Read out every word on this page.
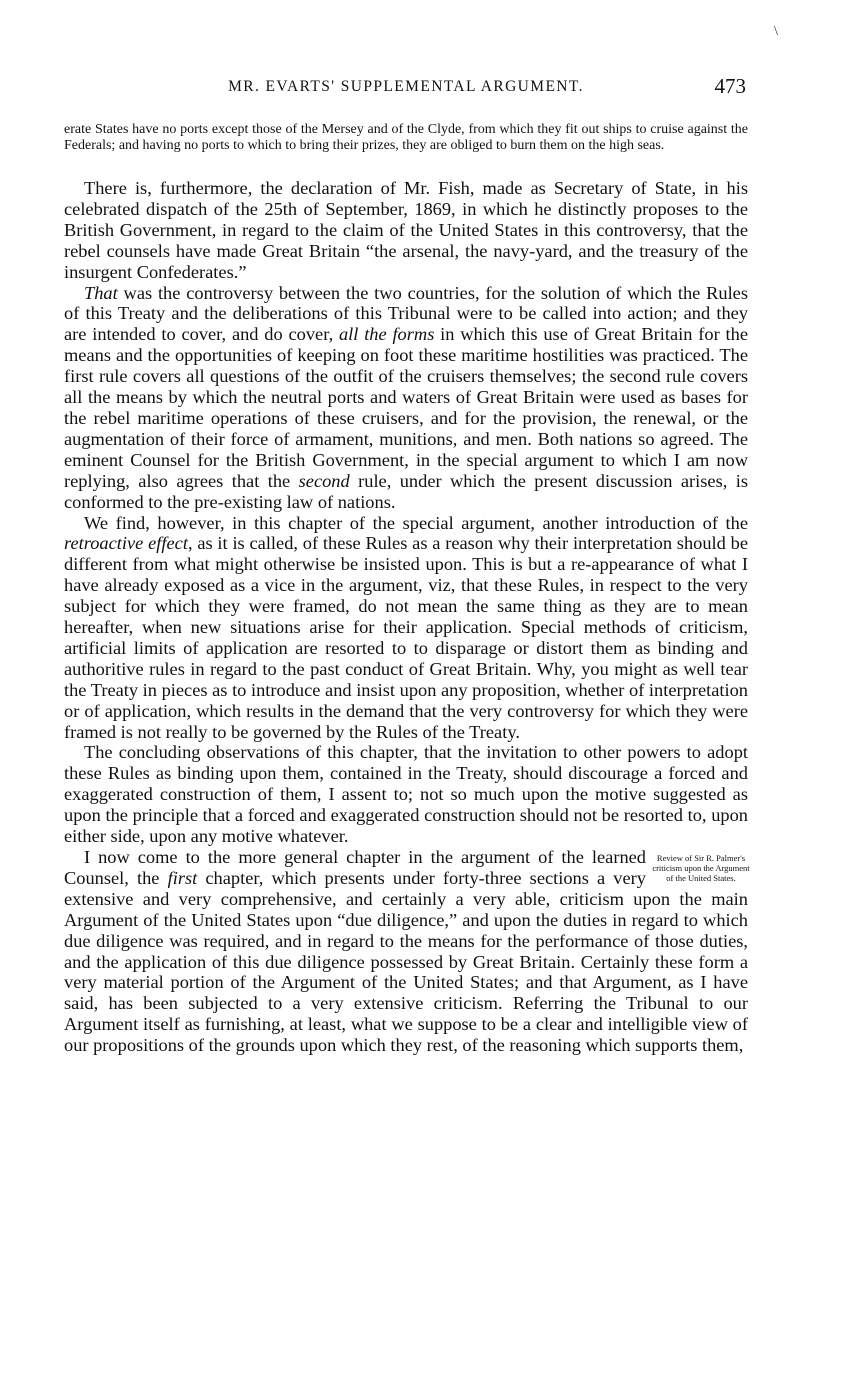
\
MR. EVARTS' SUPPLEMENTAL ARGUMENT.	473
erate States have no ports except those of the Mersey and of the Clyde, from which they fit out ships to cruise against the Federals; and having no ports to which to bring their prizes, they are obliged to burn them on the high seas.

There is, furthermore, the declaration of Mr. Fish, made as Secretary of State, in his celebrated dispatch of the 25th of September, 1869, in which he distinctly proposes to the British Government, in regard to the claim of the United States in this controversy, that the rebel counsels have made Great Britain “the arsenal, the navy-yard, and the treasury of the insurgent Confederates.”

That was the controversy between the two countries, for the solution of which the Rules of this Treaty and the deliberations of this Tribunal were to be called into action; and they are intended to cover, and do cover, all the forms in which this use of Great Britain for the means and the opportunities of keeping on foot these maritime hostilities was practiced. The first rule covers all questions of the outfit of the cruisers themselves; the second rule covers all the means by which the neutral ports and waters of Great Britain were used as bases for the rebel maritime operations of these cruisers, and for the provision, the renewal, or the augmentation of their force of armament, munitions, and men. Both nations so agreed. The eminent Counsel for the British Government, in the special argument to which I am now replying, also agrees that the second rule, under which the present discussion arises, is conformed to the pre-existing law of nations.

We find, however, in this chapter of the special argument, another introduction of the retroactive effect, as it is called, of these Rules as a reason why their interpretation should be different from what might otherwise be insisted upon. This is but a re-appearance of what I have already exposed as a vice in the argument, viz, that these Rules, in respect to the very subject for which they were framed, do not mean the same thing as they are to mean hereafter, when new situations arise for their application. Special methods of criticism, artificial limits of application are resorted to to disparage or distort them as binding and authoritive rules in regard to the past conduct of Great Britain. Why, you might as well tear the Treaty in pieces as to introduce and insist upon any proposition, whether of interpretation or of application, which results in the demand that the very controversy for which they were framed is not really to be governed by the Rules of the Treaty.

The concluding observations of this chapter, that the invitation to other powers to adopt these Rules as binding upon them, contained in the Treaty, should discourage a forced and exaggerated construction of them, I assent to; not so much upon the motive suggested as upon the principle that a forced and exaggerated construction should not be resorted to, upon either side, upon any motive whatever.

Review of Sir R. Palmer's criticism upon the Argument of the United States.
I now come to the more general chapter in the argument of the learned Counsel, the first chapter, which presents under forty-three sections a very extensive and very comprehensive, and certainly a very able, criticism upon the main Argument of the United States upon “due diligence,” and upon the duties in regard to which due diligence was required, and in regard to the means for the performance of those duties, and the application of this due diligence possessed by Great Britain. Certainly these form a very material portion of the Argument of the United States; and that Argument, as I have said, has been subjected to a very extensive criticism. Referring the Tribunal to our Argument itself as furnishing, at least, what we suppose to be a clear and intelligible view of our propositions of the grounds upon which they rest, of the reasoning which supports them,
